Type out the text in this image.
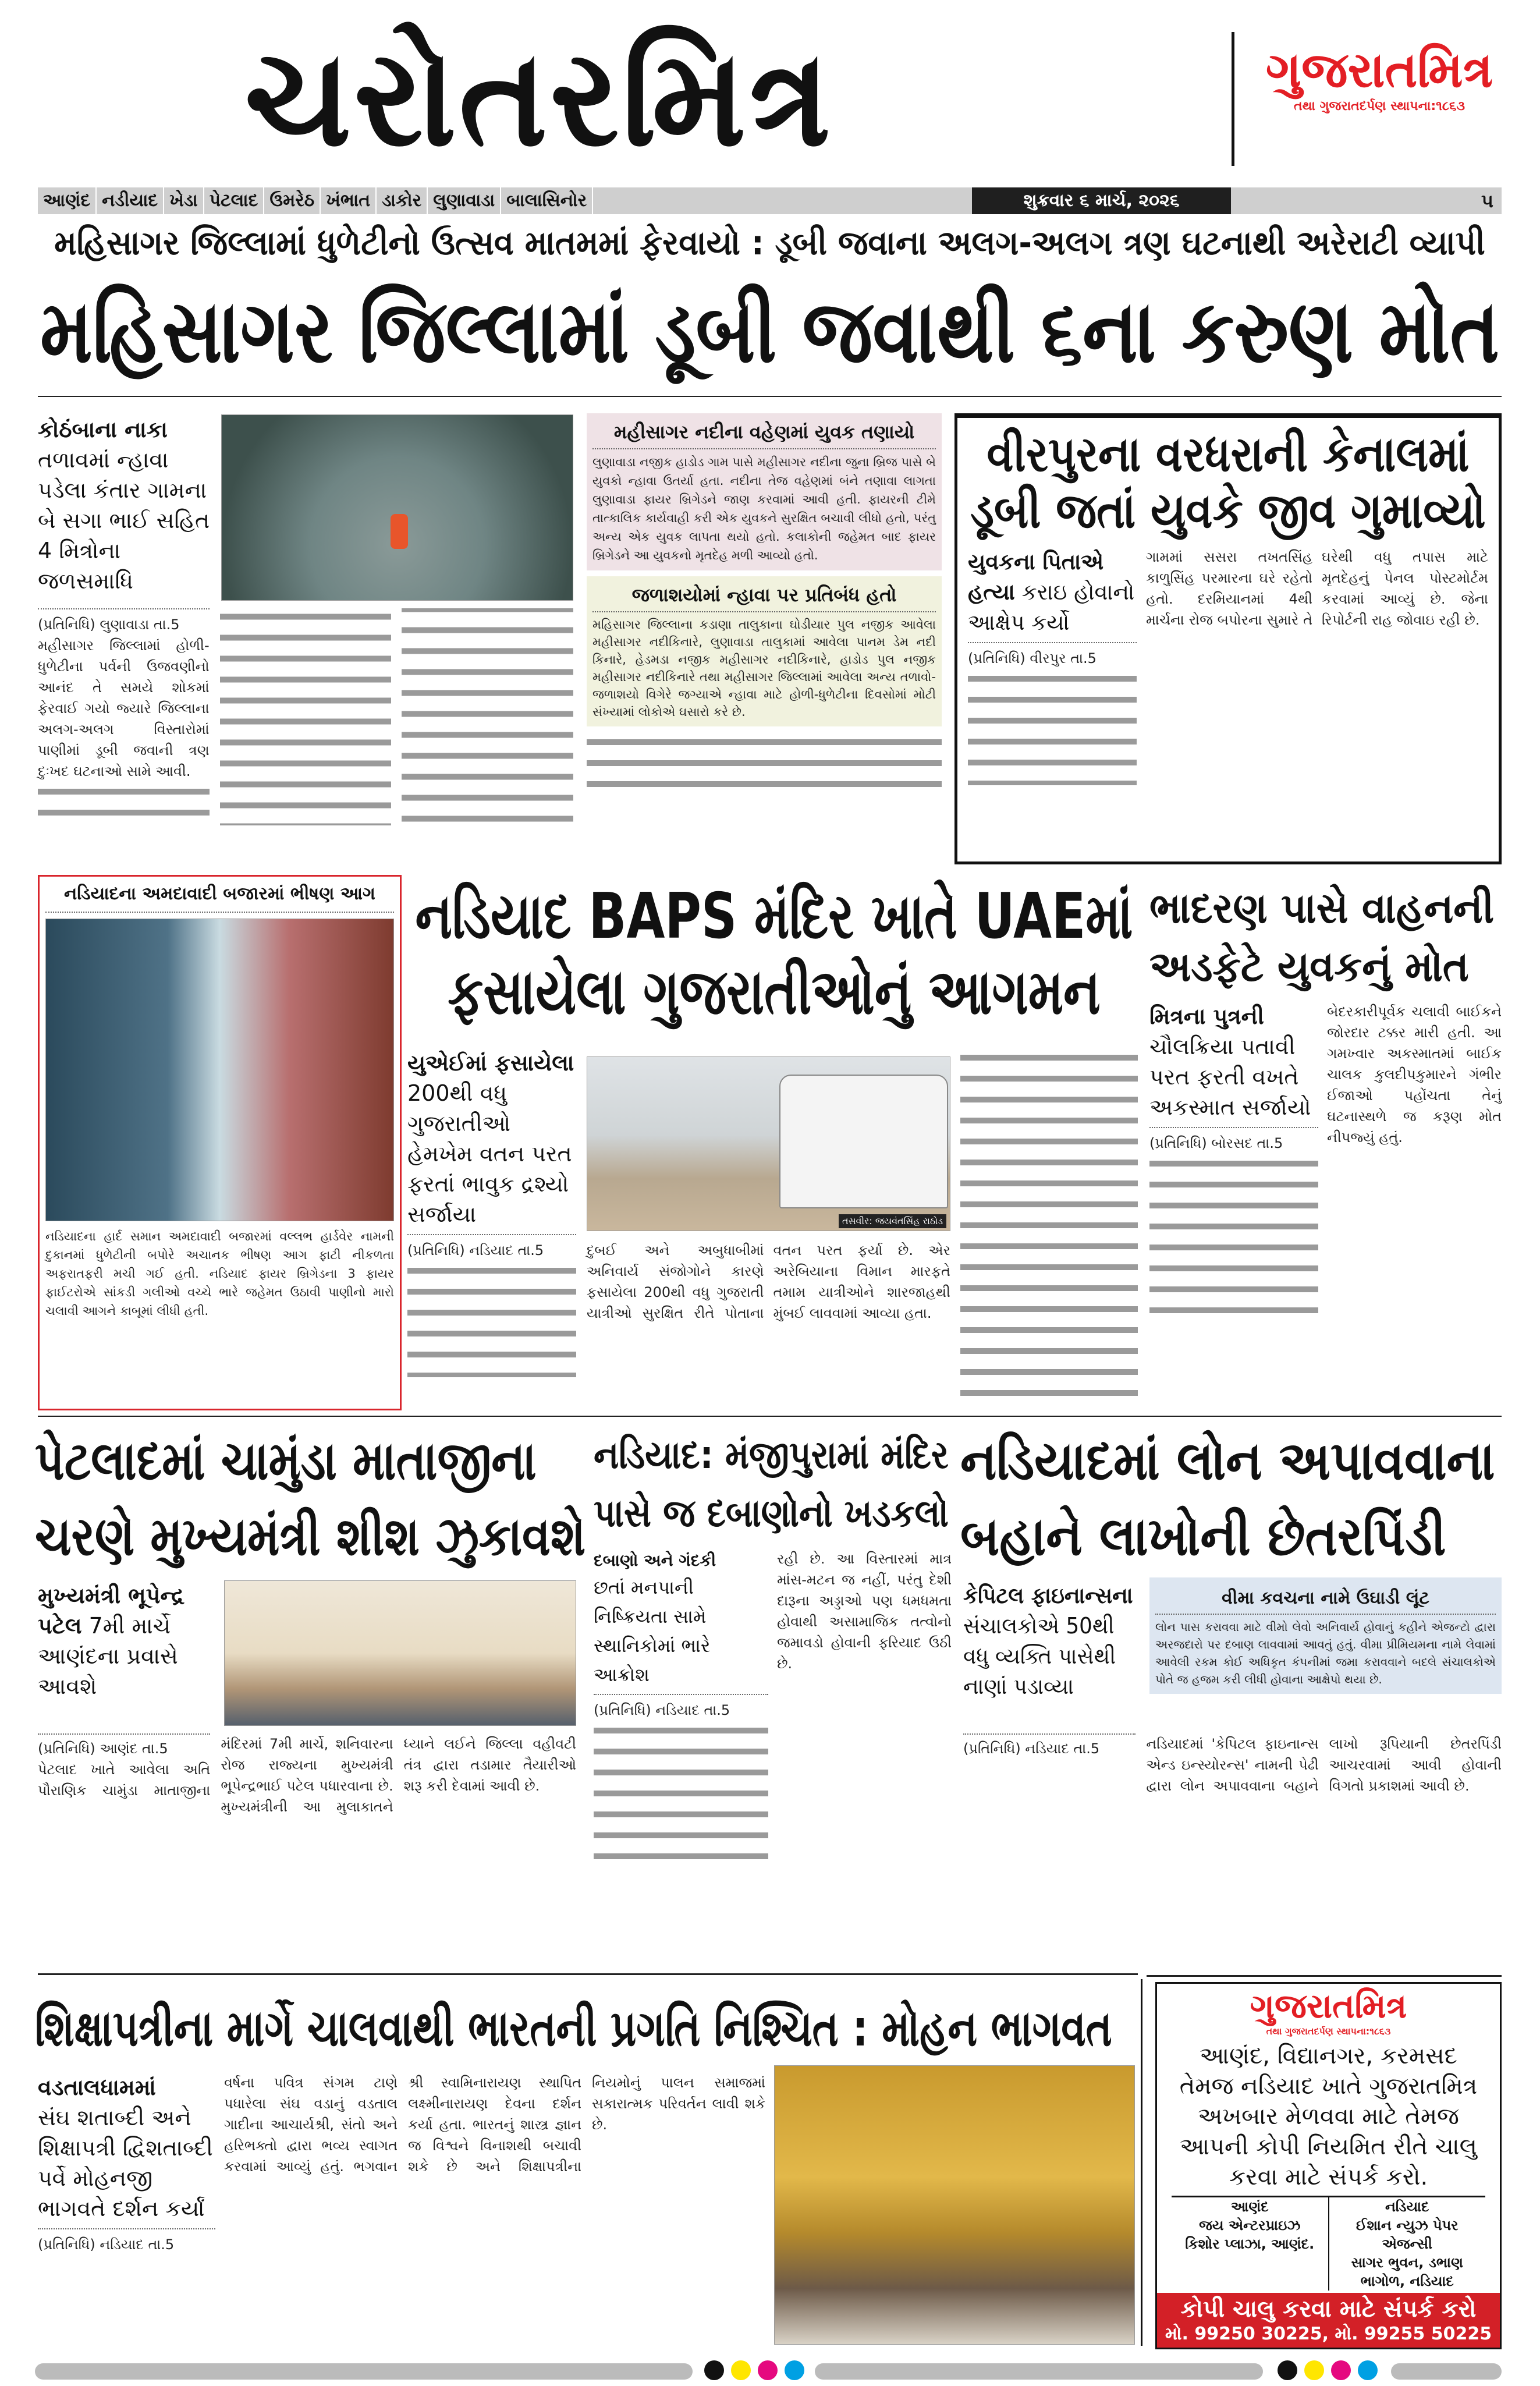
ચરોતરમિત્ર	ગુજરાતમિત્ર
તથા ગુજરાતદર્પણ સ્થાપના:૧૮૬૩
આણંદ નડીયાદ ખેડા પેટલાદ ઉમરેઠ ખંભાત ડાકોર લુણાવાડા બાલાસિનોર	શુક્રવાર ૬ માર્ચ, ૨૦૨૬	૫
મહિસાગર જિલ્લામાં ધુળેટીનો ઉત્સવ માતમમાં ફેરવાયો : ડૂબી જવાના અલગ-અલગ ત્રણ ઘટનાથી અરેરાટી વ્યાપી
મહિસાગર જિલ્લામાં ડૂબી જવાથી ૬ના કરુણ મોત
કોઠંબાના નાકા
તળાવમાં ન્હાવા પડેલા કંતાર ગામના બે સગા ભાઈ સહિત 4 મિત્રોના જળસમાધિ
(પ્રતિનિધિ) લુણાવાડા તા.5
મહીસાગર જિલ્લામાં હોળી-ધુળેટીના પર્વની ઉજવણીનો આનંદ તે સમયે શોકમાં ફેરવાઈ ગયો જ્યારે જિલ્લાના અલગ-અલગ વિસ્તારોમાં પાણીમાં ડૂબી જવાની ત્રણ દુઃખદ ઘટનાઓ સામે આવી.
મહીસાગર નદીના વહેણમાં યુવક તણાયો
લુણાવાડા નજીક હાડોડ ગામ પાસે મહીસાગર નદીના જુના બ્રિજ પાસે બે યુવકો ન્હાવા ઉતર્યા હતા. નદીના તેજ વહેણમાં બંને તણાવા લાગતા લુણાવાડા ફાયર બ્રિગેડને જાણ કરવામાં આવી હતી. ફાયરની ટીમે તાત્કાલિક કાર્યવાહી કરી એક યુવકને સુરક્ષિત બચાવી લીધો હતો, પરંતુ અન્ય એક યુવક લાપતા થયો હતો. કલાકોની જહેમત બાદ ફાયર બ્રિગેડને આ યુવકનો મૃતદેહ મળી આવ્યો હતો.
જળાશયોમાં ન્હાવા પર પ્રતિબંધ હતો
મહિસાગર જિલ્લાના કડાણા તાલુકાના ઘોડીયાર પુલ નજીક આવેલા મહીસાગર નદીકિનારે, લુણાવાડા તાલુકામાં આવેલા પાનમ ડેમ નદી કિનારે, હેડમડા નજીક મહીસાગર નદીકિનારે, હાડોડ પુલ નજીક મહીસાગર નદીકિનારે તથા મહીસાગર જિલ્લામાં આવેલા અન્ય તળાવો-જળાશયો વિગેરે જગ્યાએ ન્હાવા માટે હોળી-ધુળેટીના દિવસોમાં મોટી સંખ્યામાં લોકોએ ઘસારો કરે છે.
વીરપુરના વરધરાની કેનાલમાં ડૂબી જતાં યુવકે જીવ ગુમાવ્યો
યુવકના પિતાએ હત્યા કરાઇ હોવાનો આક્ષેપ કર્યો
(પ્રતિનિધિ) વીરપુર તા.5
ગામમાં સસરા તખતસિંહ કાળુસિંહ પરમારના ઘરે રહેતો હતો. દરમિયાનમાં 4થી માર્ચના રોજ બપોરના સુમારે તે ઘરેથી વધુ તપાસ માટે મૃતદેહનું પેનલ પોસ્ટમોર્ટમ કરવામાં આવ્યું છે. જેના રિપોર્ટની રાહ જોવાઇ રહી છે.
નડિયાદના અમદાવાદી બજારમાં ભીષણ આગ
નડિયાદના હાર્દ સમાન અમદાવાદી બજારમાં વલ્લભ હાર્ડવેર નામની દુકાનમાં ધુળેટીની બપોરે અચાનક ભીષણ આગ ફાટી નીકળતા અફરાતફરી મચી ગઈ હતી. નડિયાદ ફાયર બ્રિગેડના 3 ફાયર ફાઈટરોએ સાંકડી ગલીઓ વચ્ચે ભારે જહેમત ઉઠાવી પાણીનો મારો ચલાવી આગને કાબૂમાં લીધી હતી.
નડિયાદ BAPS મંદિર ખાતે UAEમાં ફસાયેલા ગુજરાતીઓનું આગમન
યુએઈમાં ફસાયેલા
200થી વધુ ગુજરાતીઓ હેમખેમ વતન પરત ફરતાં ભાવુક દ્રશ્યો સર્જાયા
(પ્રતિનિધિ) નડિયાદ તા.5
તસવીર: જયવંતસિંહ રાઠોડ
દુબઈ અને અબુધાબીમાં અનિવાર્ય સંજોગોને કારણે ફસાયેલા 200થી વધુ ગુજરાતી યાત્રીઓ સુરક્ષિત રીતે પોતાના વતન પરત ફર્યા છે. એર અરેબિયાના વિમાન મારફતે તમામ યાત્રીઓને શારજાહથી મુંબઈ લાવવામાં આવ્યા હતા.
ભાદરણ પાસે વાહનની અડફેટે યુવકનું મોત
મિત્રના પુત્રની
ચૌલક્રિયા પતાવી પરત ફરતી વખતે અકસ્માત સર્જાયો
(પ્રતિનિધિ) બોરસદ તા.5
બેદરકારીપૂર્વક ચલાવી બાઈકને જોરદાર ટક્કર મારી હતી. આ ગમખ્વાર અકસ્માતમાં બાઈક ચાલક કુલદીપકુમારને ગંભીર ઈજાઓ પહોંચતા તેનું ઘટનાસ્થળે જ કરૂણ મોત નીપજ્યું હતું.
પેટલાદમાં ચામુંડા માતાજીના ચરણે મુખ્યમંત્રી શીશ ઝુકાવશે
મુખ્યમંત્રી ભૂપેન્દ્ર પટેલ 7મી માર્ચે આણંદના પ્રવાસે આવશે
(પ્રતિનિધિ) આણંદ તા.5
પેટલાદ ખાતે આવેલા અતિ પૌરાણિક ચામુંડા માતાજીના મંદિરમાં 7મી માર્ચે, શનિવારના રોજ રાજ્યના મુખ્યમંત્રી ભૂપેન્દ્રભાઈ પટેલ પધારવાના છે. મુખ્યમંત્રીની આ મુલાકાતને ધ્યાને લઈને જિલ્લા વહીવટી તંત્ર દ્વારા તડામાર તૈયારીઓ શરૂ કરી દેવામાં આવી છે.
નડિયાદ: મંજીપુરામાં મંદિર પાસે જ દબાણોનો ખડકલો
દબાણો અને ગંદકી
છતાં મનપાની નિષ્ક્રિયતા સામે સ્થાનિકોમાં ભારે આક્રોશ
(પ્રતિનિધિ) નડિયાદ તા.5
રહી છે. આ વિસ્તારમાં માત્ર માંસ-મટન જ નહીં, પરંતુ દેશી દારૂના અડ્ડાઓ પણ ધમધમતા હોવાથી અસામાજિક તત્વોનો જમાવડો હોવાની ફરિયાદ ઉઠી છે.
નડિયાદમાં લોન અપાવવાના બહાને લાખોની છેતરપિંડી
કેપિટલ ફાઇનાન્સના સંચાલકોએ 50થી વધુ વ્યક્તિ પાસેથી નાણાં પડાવ્યા
વીમા કવચના નામે ઉઘાડી લૂંટ
લોન પાસ કરાવવા માટે વીમો લેવો અનિવાર્ય હોવાનું કહીને એજન્ટો દ્વારા અરજદારો પર દબાણ લાવવામાં આવતું હતું. વીમા પ્રીમિયમના નામે લેવામાં આવેલી રકમ કોઈ અધિકૃત કંપનીમાં જમા કરાવવાને બદલે સંચાલકોએ પોતે જ હજમ કરી લીધી હોવાના આક્ષેપો થયા છે.
(પ્રતિનિધિ) નડિયાદ તા.5	નડિયાદમાં 'કેપિટલ ફાઇનાન્સ એન્ડ ઇન્સ્યોરન્સ' નામની પેઢી દ્વારા લોન અપાવવાના બહાને લાખો રૂપિયાની છેતરપિંડી આચરવામાં આવી હોવાની વિગતો પ્રકાશમાં આવી છે.
શિક્ષાપત્રીના માર્ગે ચાલવાથી ભારતની પ્રગતિ નિશ્ચિત : મોહન ભાગવત
વડતાલધામમાં
સંઘ શતાબ્દી અને શિક્ષાપત્રી દ્વિશતાબ્દી પર્વે મોહનજી ભાગવતે દર્શન કર્યાં
(પ્રતિનિધિ) નડિયાદ તા.5
વર્ષના પવિત્ર સંગમ ટાણે પધારેલા સંઘ વડાનું વડતાલ ગાદીના આચાર્યશ્રી, સંતો અને હરિભક્તો દ્વારા ભવ્ય સ્વાગત કરવામાં આવ્યું હતું. ભગવાન શ્રી સ્વામિનારાયણ સ્થાપિત લક્ષ્મીનારાયણ દેવના દર્શન કર્યા હતા. ભારતનું શાસ્ત્ર જ્ઞાન જ વિશ્વને વિનાશથી બચાવી શકે છે અને શિક્ષાપત્રીના નિયમોનું પાલન સમાજમાં સકારાત્મક પરિવર્તન લાવી શકે છે.
ગુજરાતમિત્ર
તથા ગુજરાતદર્પણ સ્થાપના:૧૮૬૩
આણંદ, વિદ્યાનગર, કરમસદ તેમજ નડિયાદ ખાતે ગુજરાતમિત્ર અખબાર મેળવવા માટે તેમજ આપની કોપી નિયમિત રીતે ચાલુ કરવા માટે સંપર્ક કરો.
આણંદ
જય એન્ટરપ્રાઇઝ
કિશોર પ્લાઝા, આણંદ.
નડિયાદ
ઈશાન ન્યુઝ પેપર એજન્સી
સાગર ભુવન, ડભાણ ભાગોળ, નડિયાદ
કોપી ચાલુ કરવા માટે સંપર્ક કરો
મો. 99250 30225, મો. 99255 50225
